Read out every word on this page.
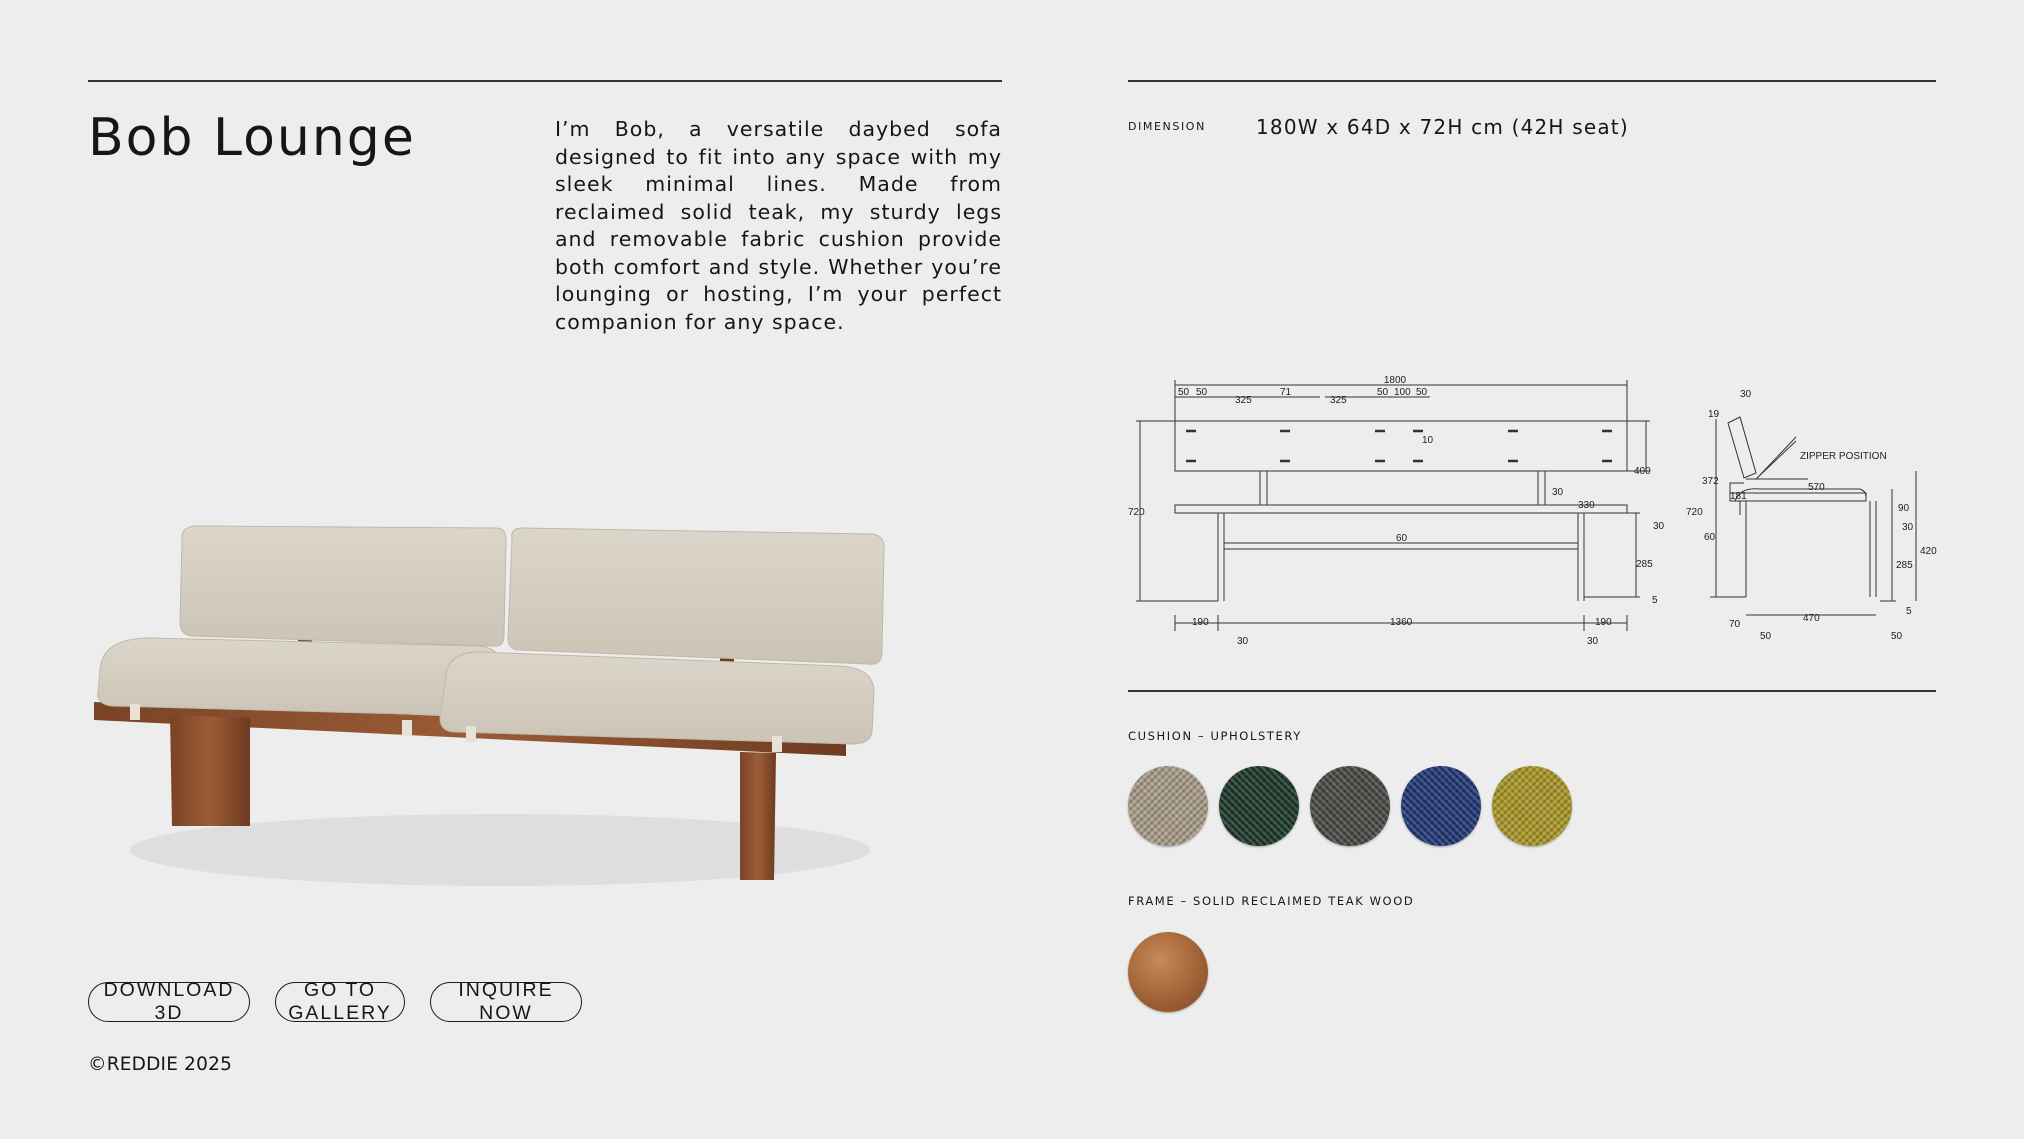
Bob Lounge	I’m Bob, a versatile daybed sofa designed to fit into any space with my sleek minimal lines. Made from reclaimed solid teak, my sturdy legs and removable fabric cushion provide both comfort and style. Whether you’re lounging or hosting, I’m your perfect companion for any space.

DIMENSION	180W x 64D x 72H cm (42H seat)
1800
50 50
325
71
325
50 100 50
10
720
400
30
330
30
60
285
5
190	1360	190
30	30
30
19
ZIPPER POSITION
372
181
570
720
60
90
30
420
285
5
70
470
50	50
CUSHION – UPHOLSTERY
FRAME – SOLID RECLAIMED TEAK WOOD
DOWNLOAD 3D
GO TO GALLERY
INQUIRE NOW
©REDDIE 2025
